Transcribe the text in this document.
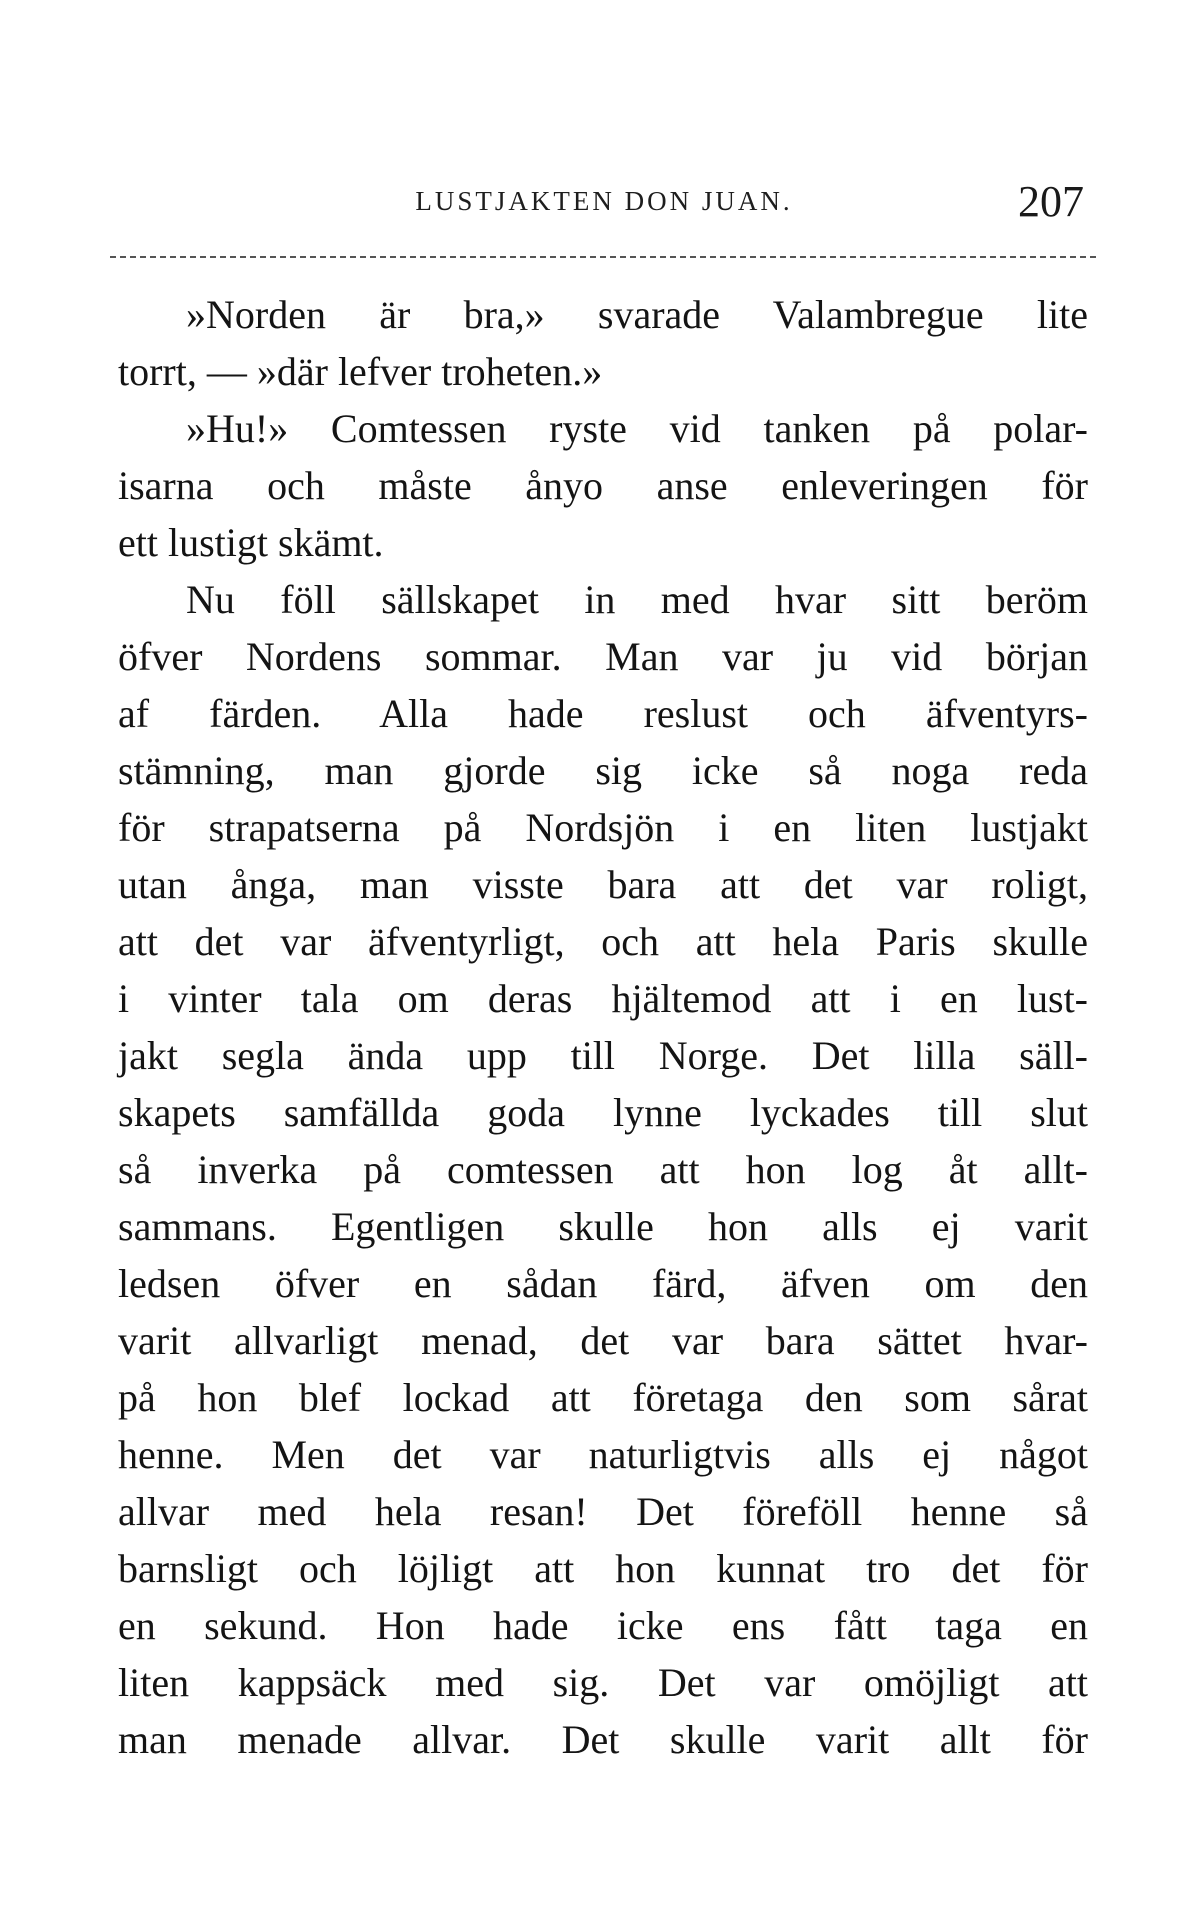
LUSTJAKTEN DON JUAN.	207
»Norden är bra,» svarade Valambregue lite
torrt, — »där lefver troheten.»
»Hu!» Comtessen ryste vid tanken på polar-
isarna och måste ånyo anse enleveringen för
ett lustigt skämt.
Nu föll sällskapet in med hvar sitt beröm
öfver Nordens sommar. Man var ju vid början
af färden. Alla hade reslust och äfventyrs-
stämning, man gjorde sig icke så noga reda
för strapatserna på Nordsjön i en liten lustjakt
utan ånga, man visste bara att det var roligt,
att det var äfventyrligt, och att hela Paris skulle
i vinter tala om deras hjältemod att i en lust-
jakt segla ända upp till Norge. Det lilla säll-
skapets samfällda goda lynne lyckades till slut
så inverka på comtessen att hon log åt allt-
sammans. Egentligen skulle hon alls ej varit
ledsen öfver en sådan färd, äfven om den
varit allvarligt menad, det var bara sättet hvar-
på hon blef lockad att företaga den som sårat
henne. Men det var naturligtvis alls ej något
allvar med hela resan! Det föreföll henne så
barnsligt och löjligt att hon kunnat tro det för
en sekund. Hon hade icke ens fått taga en
liten kappsäck med sig. Det var omöjligt att
man menade allvar. Det skulle varit allt för
